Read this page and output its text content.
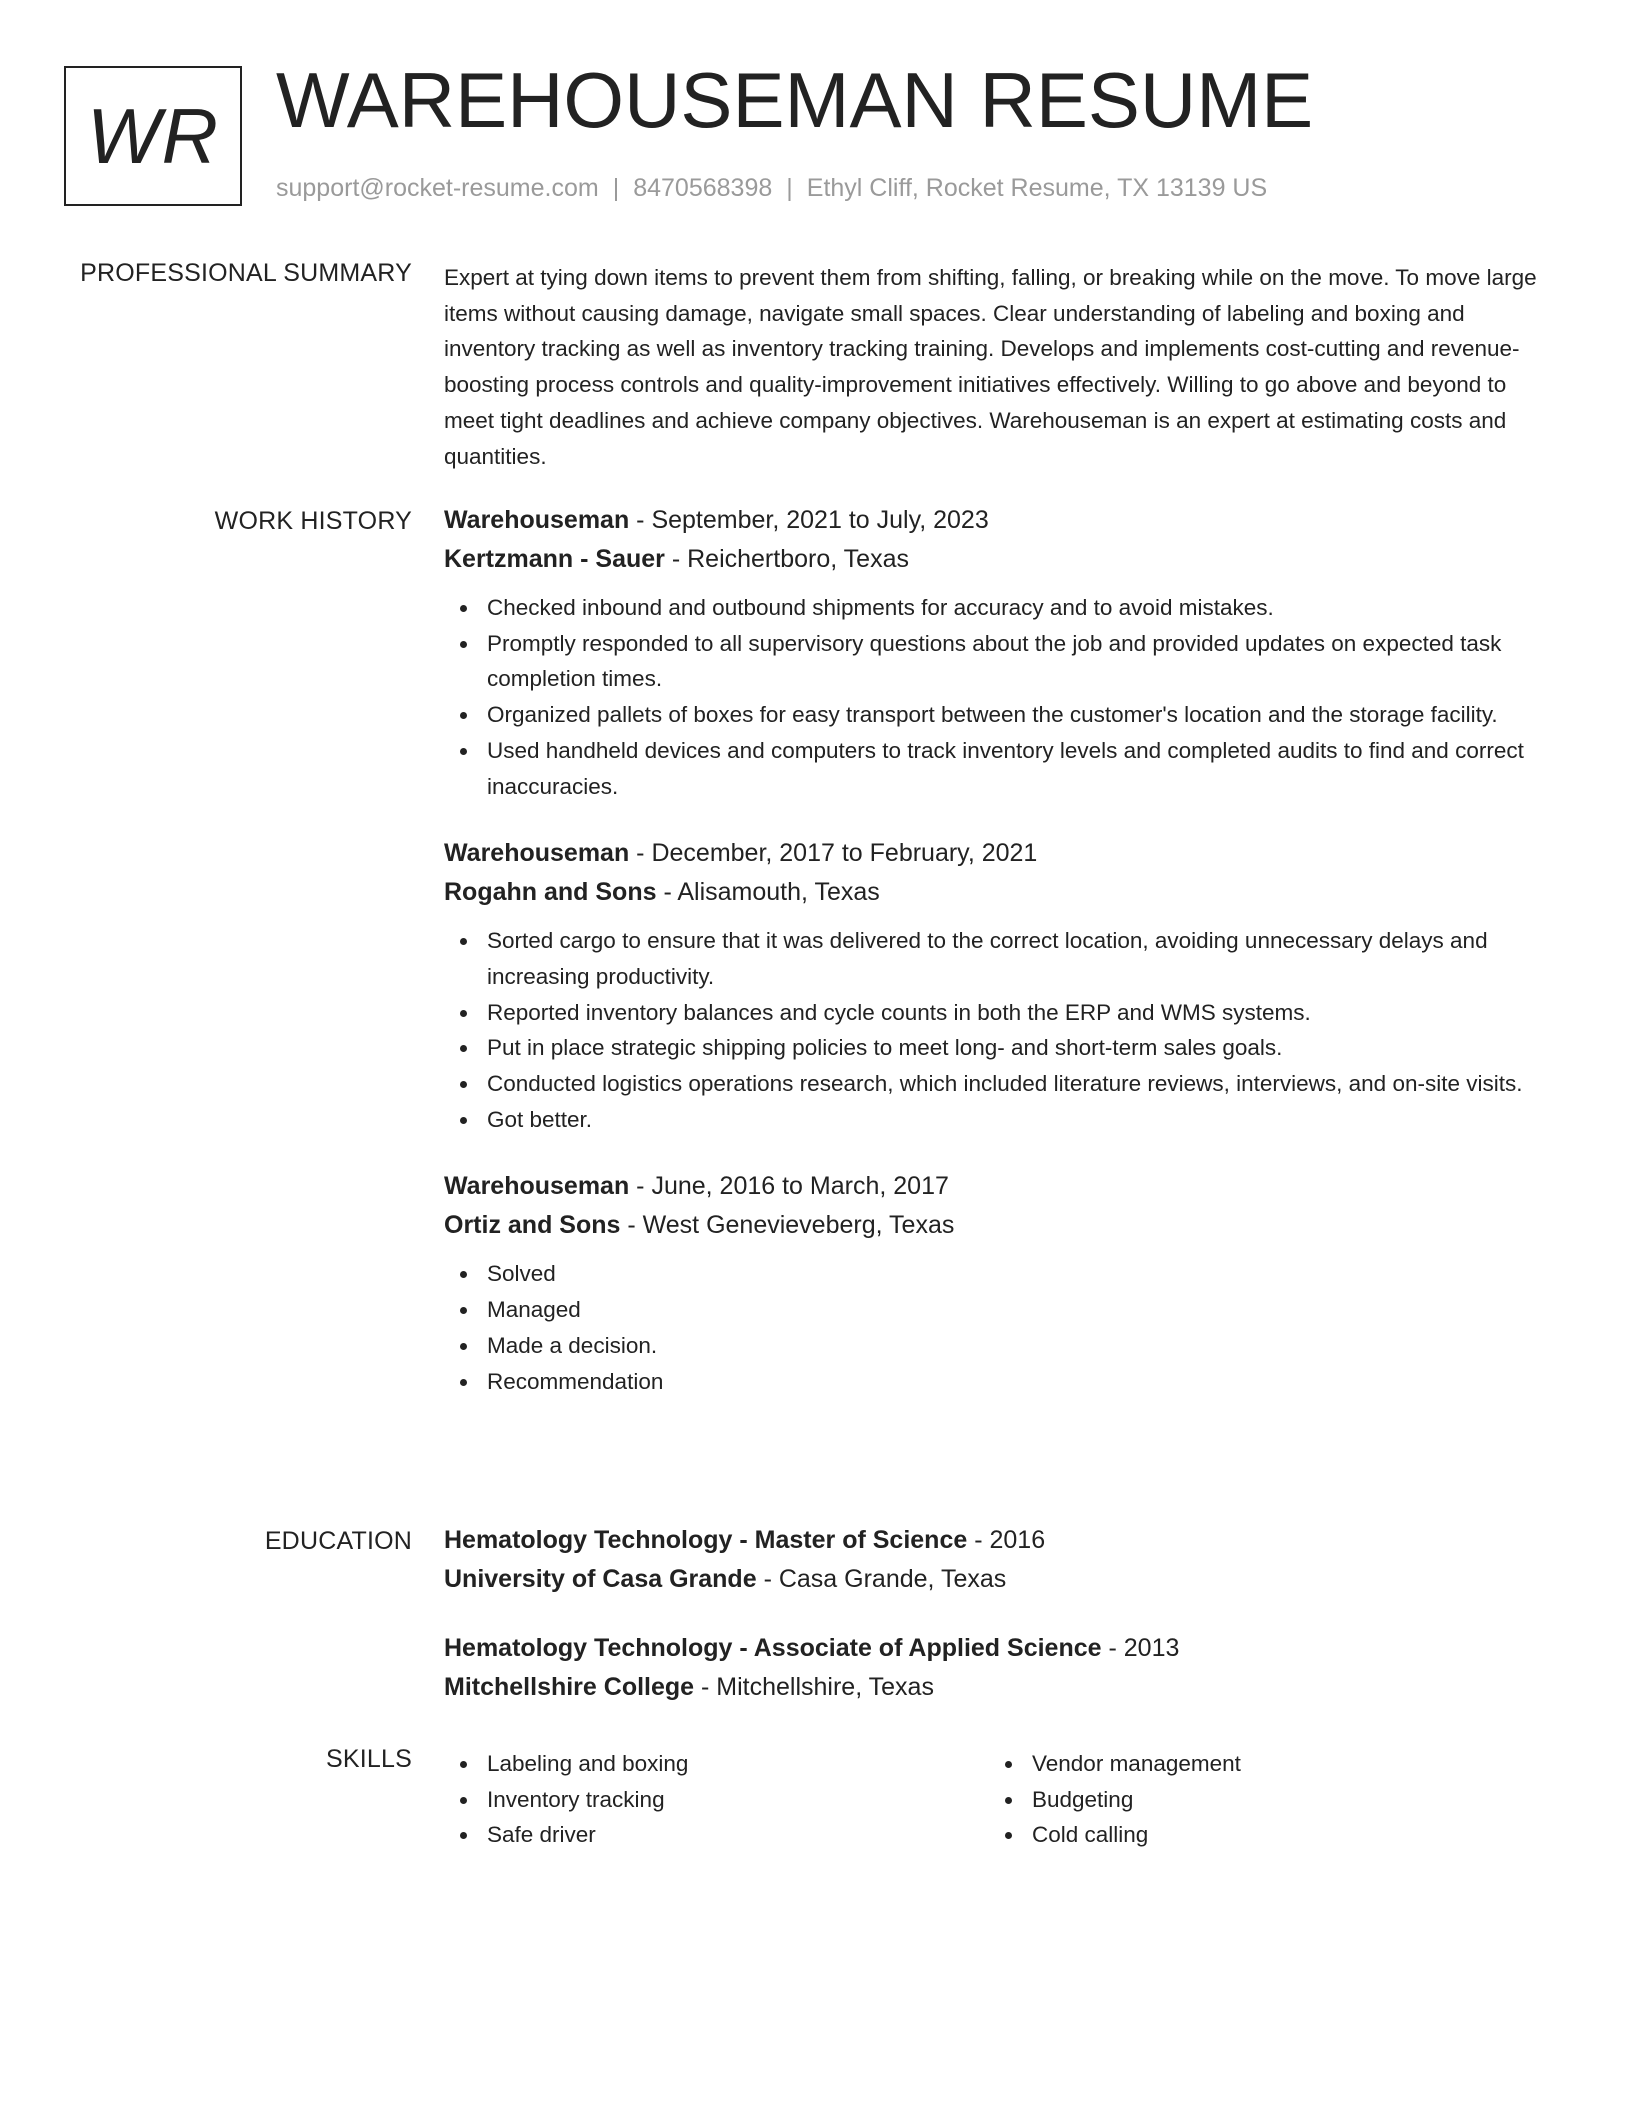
WR WAREHOUSEMAN RESUME
support@rocket-resume.com | 8470568398 | Ethyl Cliff, Rocket Resume, TX 13139 US
PROFESSIONAL SUMMARY Expert at tying down items to prevent them from shifting, falling, or breaking while on the move. To move large items without causing damage, navigate small spaces. Clear understanding of labeling and boxing and inventory tracking as well as inventory tracking training. Develops and implements cost-cutting and revenue-boosting process controls and quality-improvement initiatives effectively. Willing to go above and beyond to meet tight deadlines and achieve company objectives. Warehouseman is an expert at estimating costs and quantities.

WORK HISTORY Warehouseman - September, 2021 to July, 2023

Kertzmann - Sauer - Reichertboro, Texas

Checked inbound and outbound shipments for accuracy and to avoid mistakes.
Promptly responded to all supervisory questions about the job and provided updates on expected task completion times.
Organized pallets of boxes for easy transport between the customer's location and the storage facility.
Used handheld devices and computers to track inventory levels and completed audits to find and correct inaccuracies.

Warehouseman - December, 2017 to February, 2021

Rogahn and Sons - Alisamouth, Texas

Sorted cargo to ensure that it was delivered to the correct location, avoiding unnecessary delays and increasing productivity.
Reported inventory balances and cycle counts in both the ERP and WMS systems.
Put in place strategic shipping policies to meet long- and short-term sales goals.
Conducted logistics operations research, which included literature reviews, interviews, and on-site visits.
Got better.

Warehouseman - June, 2016 to March, 2017

Ortiz and Sons - West Genevieveberg, Texas

Solved
Managed
Made a decision.
Recommendation
EDUCATION Hematology Technology - Master of Science - 2016

University of Casa Grande - Casa Grande, Texas

Hematology Technology - Associate of Applied Science - 2013

Mitchellshire College - Mitchellshire, Texas

SKILLS	Labeling and boxing
Inventory tracking
Safe driver
Vendor management
Budgeting
Cold calling
